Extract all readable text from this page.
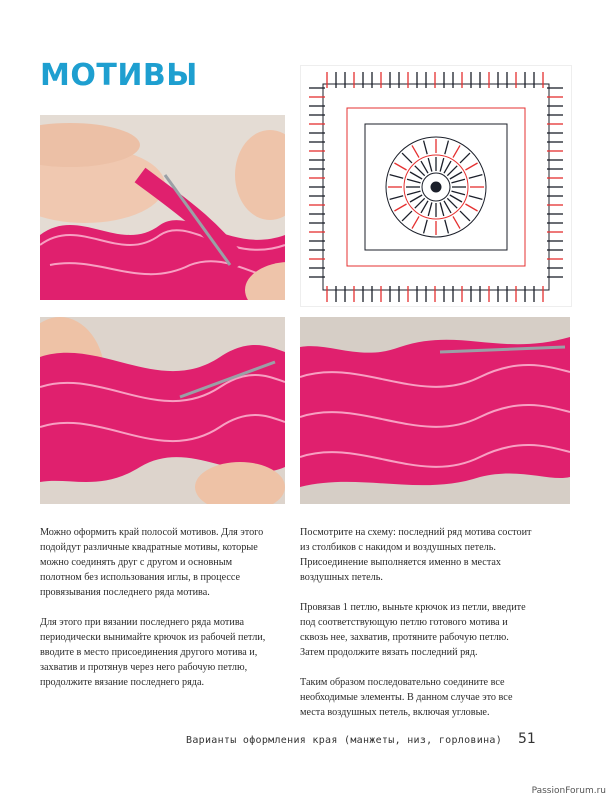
МОТИВЫ

Можно оформить край полосой мотивов. Для этого подойдут различные квадратные мотивы, которые можно соединять друг с другом и основным полотном без использования иглы, в процессе провязывания последнего ряда мотива.

Для этого при вязании последнего ряда мотива периодически вынимайте крючок из рабочей петли, вводите в место присоединения другого мотива и, захватив и протянув через него рабочую петлю, продолжите вязание последнего ряда.

Посмотрите на схему: последний ряд мотива состоит из столбиков с накидом и воздушных петель. Присоединение выполняется именно в местах воздушных петель.

Провязав 1 петлю, выньте крючок из петли, введите под соответствующую петлю готового мотива и сквозь нее, захватив, протяните рабочую петлю. Затем продолжите вязать последний ряд.

Таким образом последовательно соедините все необходимые элементы. В данном случае это все места воздушных петель, включая угловые.

Варианты оформления края (манжеты, низ, горловина) 51
PassionForum.ru
